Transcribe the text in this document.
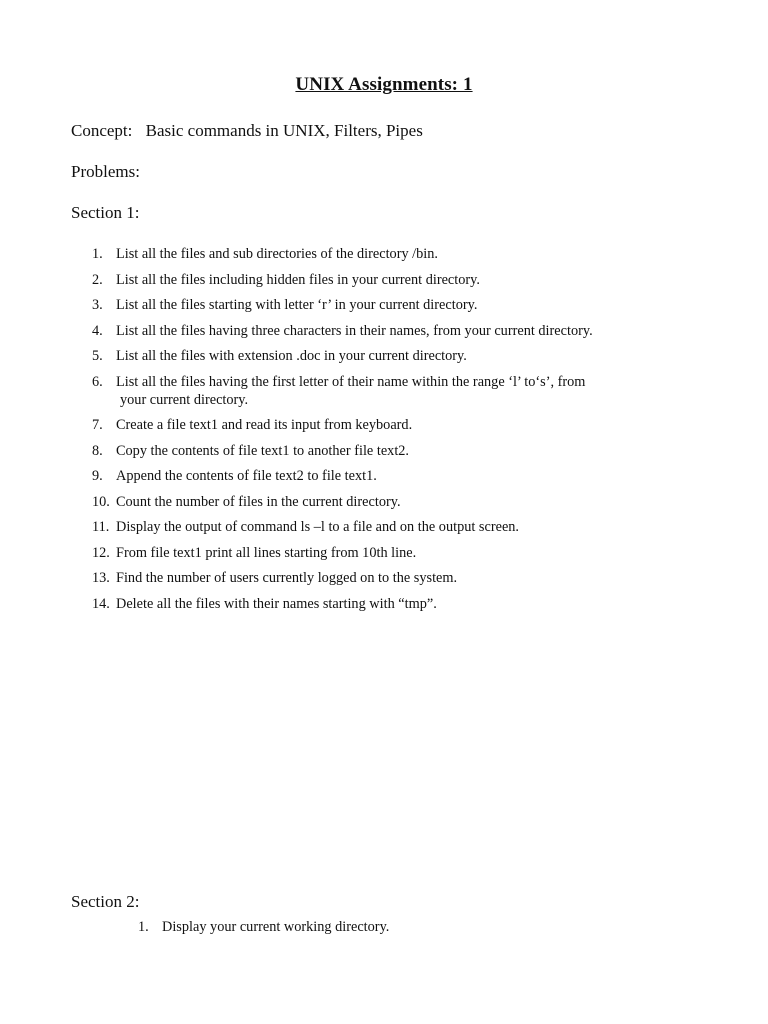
UNIX Assignments: 1
Concept: Basic commands in UNIX, Filters, Pipes
Problems:
Section 1:
1. List all the files and sub directories of the directory /bin.
2. List all the files including hidden files in your current directory.
3. List all the files starting with letter ‘r’ in your current directory.
4. List all the files having three characters in their names, from your current directory.
5. List all the files with extension .doc in your current directory.
6. List all the files having the first letter of their name within the range ‘l’ to‘s’, from
your current directory.
7. Create a file text1 and read its input from keyboard.
8. Copy the contents of file text1 to another file text2.
9. Append the contents of file text2 to file text1.
10. Count the number of files in the current directory.
11. Display the output of command ls –l to a file and on the output screen.
12. From file text1 print all lines starting from 10th line.
13. Find the number of users currently logged on to the system.
14. Delete all the files with their names starting with “tmp”.
Section 2:
1. Display your current working directory.
